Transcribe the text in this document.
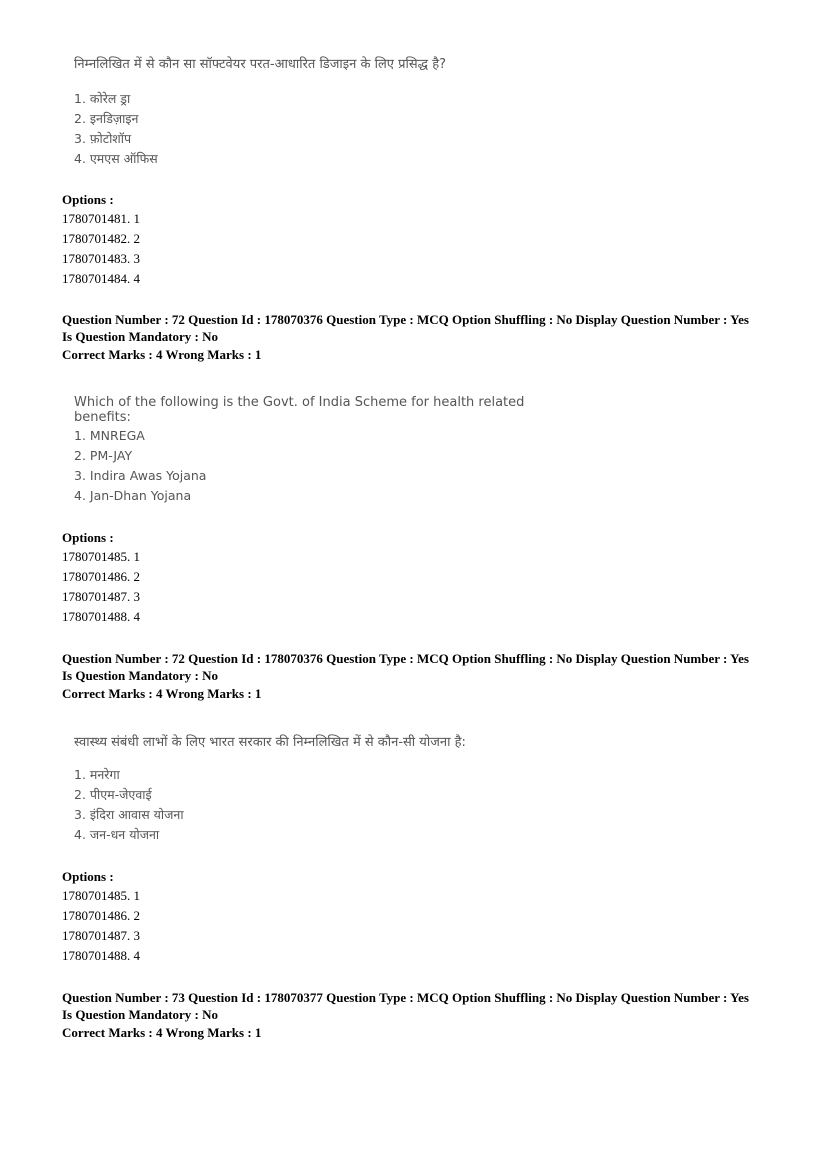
निम्नलिखित में से कौन सा सॉफ्टवेयर परत-आधारित डिजाइन के लिए प्रसिद्ध है?
1. कोरेल ड्रा
2. इनडिज़ाइन
3. फ़ोटोशॉप
4. एमएस ऑफिस
Options :
1780701481. 1
1780701482. 2
1780701483. 3
1780701484. 4
Question Number : 72 Question Id : 178070376 Question Type : MCQ Option Shuffling : No Display Question Number : Yes
Is Question Mandatory : No
Correct Marks : 4 Wrong Marks : 1
Which of the following is the Govt. of India Scheme for health related benefits:
1. MNREGA
2. PM-JAY
3. Indira Awas Yojana
4. Jan-Dhan Yojana
Options :
1780701485. 1
1780701486. 2
1780701487. 3
1780701488. 4
Question Number : 72 Question Id : 178070376 Question Type : MCQ Option Shuffling : No Display Question Number : Yes
Is Question Mandatory : No
Correct Marks : 4 Wrong Marks : 1
स्वास्थ्य संबंधी लाभों के लिए भारत सरकार की निम्नलिखित में से कौन-सी योजना है:
1. मनरेगा
2. पीएम-जेएवाई
3. इंदिरा आवास योजना
4. जन-धन योजना
Options :
1780701485. 1
1780701486. 2
1780701487. 3
1780701488. 4
Question Number : 73 Question Id : 178070377 Question Type : MCQ Option Shuffling : No Display Question Number : Yes
Is Question Mandatory : No
Correct Marks : 4 Wrong Marks : 1
